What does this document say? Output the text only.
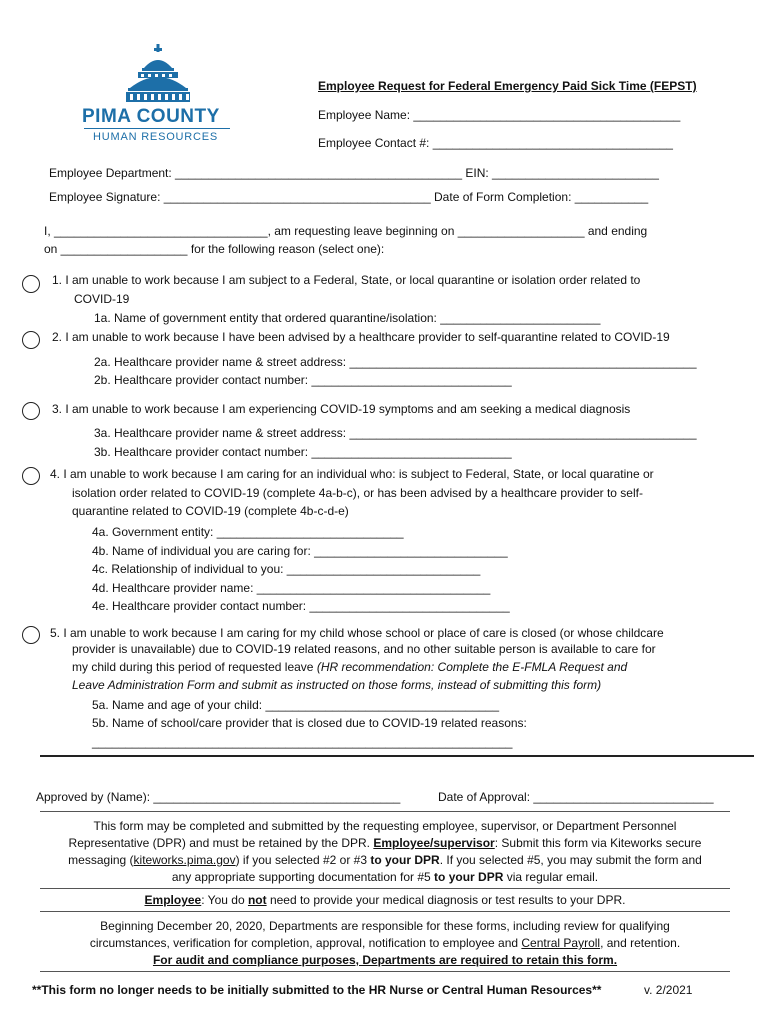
PIMA COUNTY
HUMAN RESOURCES
Employee Request for Federal Emergency Paid Sick Time (FEPST)
Employee Name: ________________________________________
Employee Contact #: ____________________________________
Employee Department: ___________________________________________ EIN: _________________________
Employee Signature: ________________________________________ Date of Form Completion: ___________
I, ________________________________, am requesting leave beginning on ___________________ and ending
on ___________________ for the following reason (select one):
1. I am unable to work because I am subject to a Federal, State, or local quarantine or isolation order related to
COVID-19
1a. Name of government entity that ordered quarantine/isolation: ________________________
2. I am unable to work because I have been advised by a healthcare provider to self-quarantine related to COVID-19
2a. Healthcare provider name & street address: ____________________________________________________
2b. Healthcare provider contact number: ______________________________
3. I am unable to work because I am experiencing COVID-19 symptoms and am seeking a medical diagnosis
3a. Healthcare provider name & street address: ____________________________________________________
3b. Healthcare provider contact number: ______________________________
4. I am unable to work because I am caring for an individual who: is subject to Federal, State, or local quaratine or
isolation order related to COVID-19 (complete 4a-b-c), or has been advised by a healthcare provider to self-
quarantine related to COVID-19 (complete 4b-c-d-e)
4a. Government entity: ____________________________
4b. Name of individual you are caring for: _____________________________
4c. Relationship of individual to you: _____________________________
4d. Healthcare provider name: ___________________________________
4e. Healthcare provider contact number: ______________________________
5. I am unable to work because I am caring for my child whose school or place of care is closed (or whose childcare
provider is unavailable) due to COVID-19 related reasons, and no other suitable person is available to care for
my child during this period of requested leave (HR recommendation: Complete the E-FMLA Request and
Leave Administration Form and submit as instructed on those forms, instead of submitting this form)
5a. Name and age of your child: ___________________________________
5b. Name of school/care provider that is closed due to COVID-19 related reasons:
_______________________________________________________________
Approved by (Name): _____________________________________	Date of Approval: ___________________________
This form may be completed and submitted by the requesting employee, supervisor, or Department Personnel
Representative (DPR) and must be retained by the DPR. Employee/supervisor: Submit this form via Kiteworks secure
messaging (kiteworks.pima.gov) if you selected #2 or #3 to your DPR. If you selected #5, you may submit the form and
any appropriate supporting documentation for #5 to your DPR via regular email.
Employee: You do not need to provide your medical diagnosis or test results to your DPR.
Beginning December 20, 2020, Departments are responsible for these forms, including review for qualifying
circumstances, verification for completion, approval, notification to employee and Central Payroll, and retention.
For audit and compliance purposes, Departments are required to retain this form.
**This form no longer needs to be initially submitted to the HR Nurse or Central Human Resources**	v. 2/2021
